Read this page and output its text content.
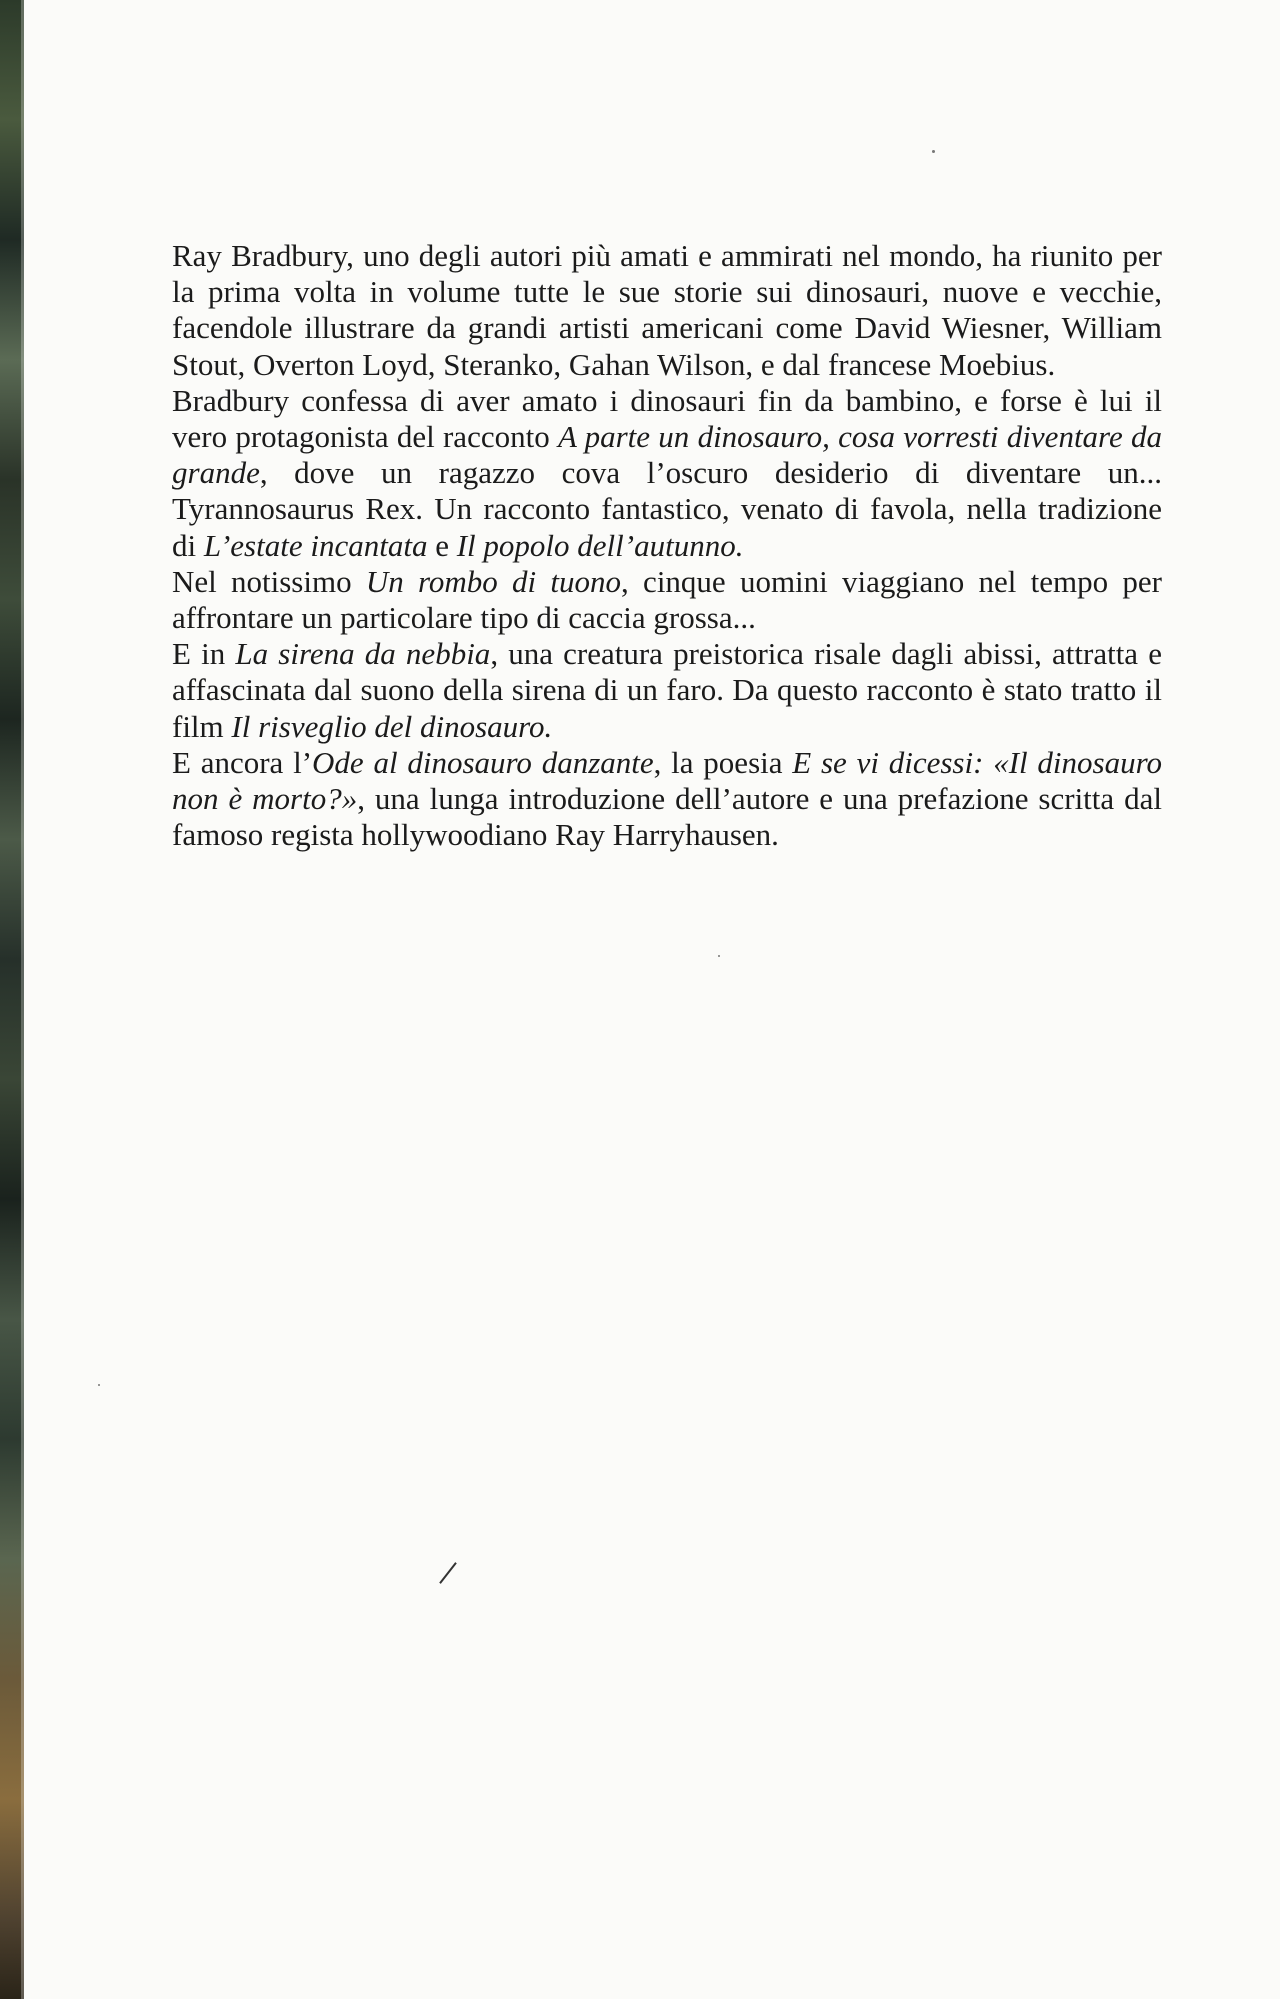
Ray Bradbury, uno degli autori più amati e ammirati nel mondo, ha riunito per la prima volta in volume tutte le sue storie sui dinosauri, nuove e vecchie, facendole illustrare da grandi artisti americani come David Wiesner, William Stout, Overton Loyd, Steranko, Gahan Wilson, e dal francese Moebius.

Bradbury confessa di aver amato i dinosauri fin da bambino, e forse è lui il vero protagonista del racconto A parte un dinosauro, cosa vorresti diventare da grande, dove un ragazzo cova l’oscuro desiderio di diventare un... Tyrannosaurus Rex. Un racconto fantastico, venato di favola, nella tradizione di L’estate incantata e Il popolo dell’autunno.

Nel notissimo Un rombo di tuono, cinque uomini viaggiano nel tempo per affrontare un particolare tipo di caccia grossa...

E in La sirena da nebbia, una creatura preistorica risale dagli abissi, attratta e affascinata dal suono della sirena di un faro. Da questo racconto è stato tratto il film Il risveglio del dinosauro.

E ancora l’Ode al dinosauro danzante, la poesia E se vi dicessi: «Il dinosauro non è morto?», una lunga introduzione dell’autore e una prefazione scritta dal famoso regista hollywoodiano Ray Harryhausen.
